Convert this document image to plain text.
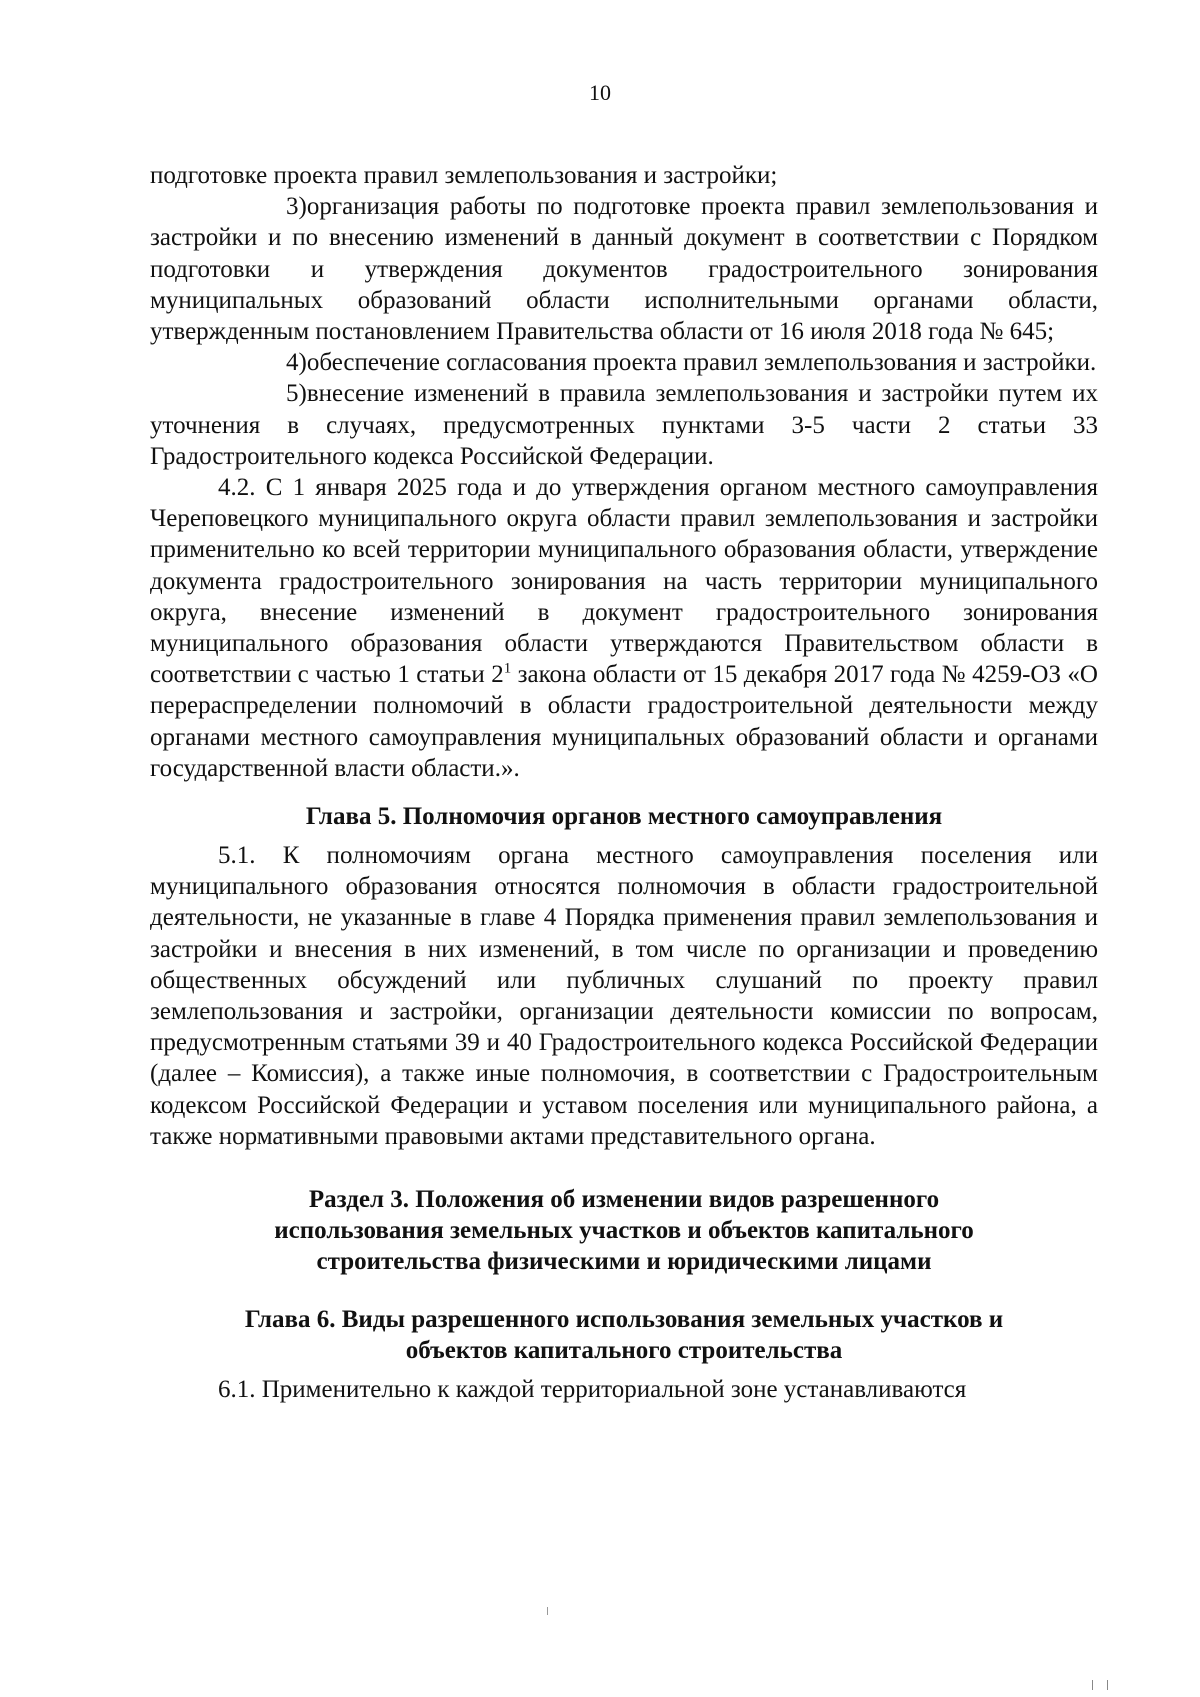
10

подготовке проекта правил землепользования и застройки;

3)организация работы по подготовке проекта правил землепользования и застройки и по внесению изменений в данный документ в соответствии с Порядком подготовки и утверждения документов градостроительного зонирования муниципальных образований области исполнительными органами области, утвержденным постановлением Правительства области от 16 июля 2018 года № 645;

4)обеспечение согласования проекта правил землепользования и застройки.

5)внесение изменений в правила землепользования и застройки путем их уточнения в случаях, предусмотренных пунктами 3-5 части 2 статьи 33 Градостроительного кодекса Российской Федерации.

4.2. С 1 января 2025 года и до утверждения органом местного самоуправления Череповецкого муниципального округа области правил землепользования и застройки применительно ко всей территории муниципального образования области, утверждение документа градостроительного зонирования на часть территории муниципального округа, внесение изменений в документ градостроительного зонирования муниципального образования области утверждаются Правительством области в соответствии с частью 1 статьи $2^1$ закона области от 15 декабря 2017 года № 4259-ОЗ «О перераспределении полномочий в области градостроительной деятельности между органами местного самоуправления муниципальных образований области и органами государственной власти области.».

Глава 5. Полномочия органов местного самоуправления

5.1. К полномочиям органа местного самоуправления поселения или муниципального образования относятся полномочия в области градостроительной деятельности, не указанные в главе 4 Порядка применения правил землепользования и застройки и внесения в них изменений, в том числе по организации и проведению общественных обсуждений или публичных слушаний по проекту правил землепользования и застройки, организации деятельности комиссии по вопросам, предусмотренным статьями 39 и 40 Градостроительного кодекса Российской Федерации (далее – Комиссия), а также иные полномочия, в соответствии с Градостроительным кодексом Российской Федерации и уставом поселения или муниципального района, а также нормативными правовыми актами представительного органа.

Раздел 3. Положения об изменении видов разрешенного
использования земельных участков и объектов капитального
строительства физическими и юридическими лицами
Глава 6. Виды разрешенного использования земельных участков и
объектов капитального строительства

6.1. Применительно к каждой территориальной зоне устанавливаются
